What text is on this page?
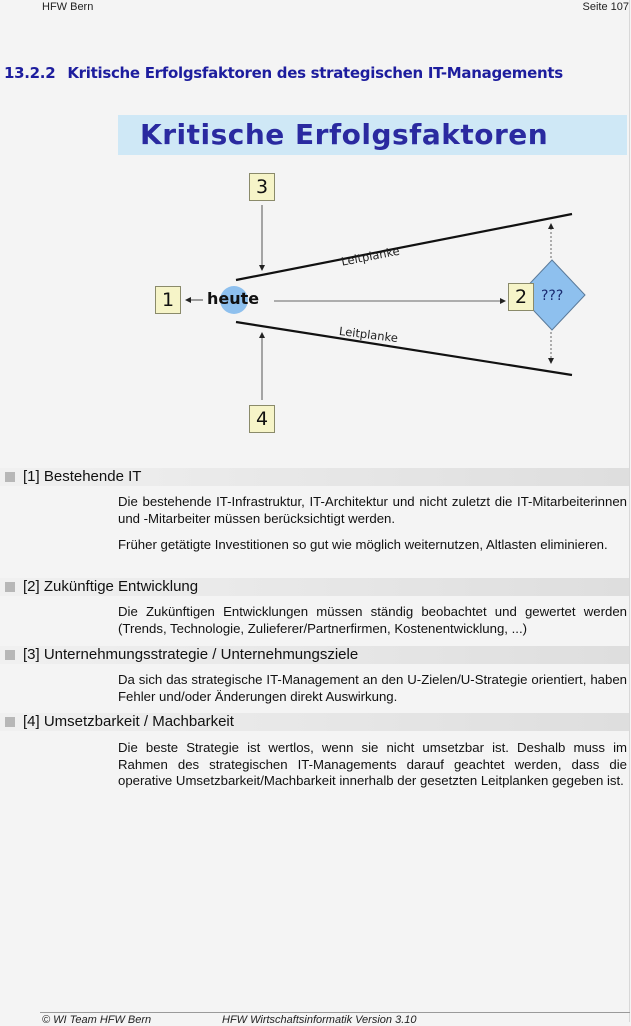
HFW Bern	Seite 107
13.2.2 Kritische Erfolgsfaktoren des strategischen IT-Managements
Kritische Erfolgsfaktoren
1	2
3
4
heute	???
Leitplanke
Leitplanke
[1] Bestehende IT
Die bestehende IT-Infrastruktur, IT-Architektur und nicht zuletzt die IT-Mitarbeiterinnen und -Mitarbeiter müssen berücksichtigt werden.
Früher getätigte Investitionen so gut wie möglich weiternutzen, Altlasten eliminieren.
[2] Zukünftige Entwicklung
Die Zukünftigen Entwicklungen müssen ständig beobachtet und gewertet werden (Trends, Technologie, Zulieferer/Partnerfirmen, Kostenentwicklung, ...)
[3] Unternehmungsstrategie / Unternehmungsziele
Da sich das strategische IT-Management an den U-Zielen/U-Strategie orientiert, haben Fehler und/oder Änderungen direkt Auswirkung.
[4] Umsetzbarkeit / Machbarkeit
Die beste Strategie ist wertlos, wenn sie nicht umsetzbar ist. Deshalb muss im Rahmen des strategischen IT-Managements darauf geachtet werden, dass die operative Umsetzbarkeit/Machbarkeit innerhalb der gesetzten Leitplanken gegeben ist.
© WI Team HFW Bern	HFW Wirtschaftsinformatik Version 3.10
